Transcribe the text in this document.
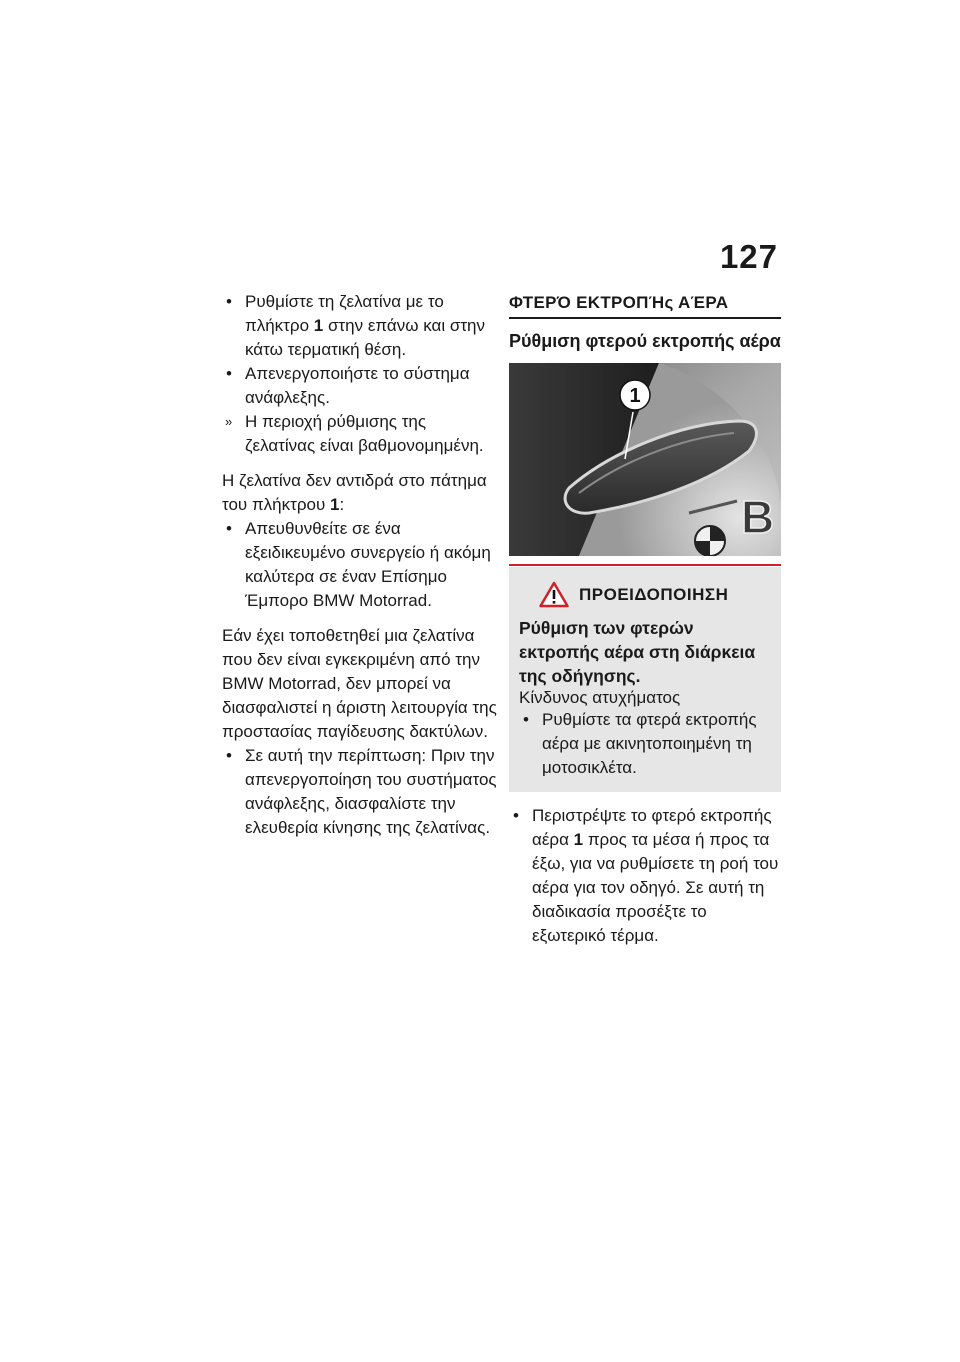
127
• Ρυθμίστε τη ζελατίνα με το πλήκτρο 1 στην επάνω και στην κάτω τερματική θέση.
• Απενεργοποιήστε το σύστημα ανάφλεξης.
» Η περιοχή ρύθμισης της ζελατίνας είναι βαθμονομημένη.

Η ζελατίνα δεν αντιδρά στο πάτημα του πλήκτρου 1:

• Απευθυνθείτε σε ένα εξειδικευμένο συνεργείο ή ακόμη καλύτερα σε έναν Επίσημο Έμπορο BMW Motorrad.

Εάν έχει τοποθετηθεί μια ζελατίνα που δεν είναι εγκεκριμένη από την BMW Motorrad, δεν μπορεί να διασφαλιστεί η άριστη λειτουργία της προστασίας παγίδευσης δακτύλων.

• Σε αυτή την περίπτωση: Πριν την απενεργοποίηση του συστήματος ανάφλεξης, διασφαλίστε την ελευθερία κίνησης της ζελατίνας.
ΦΤΕΡΌ ΕΚΤΡΟΠΉς ΑΈΡΑ
Ρύθμιση φτερού εκτροπής αέρα
B
1
ΠΡΟΕΙΔΟΠΟΙΗΣΗ
Ρύθμιση των φτερών εκτροπής αέρα στη διάρκεια της οδήγησης.
Κίνδυνος ατυχήματος
• Ρυθμίστε τα φτερά εκτροπής αέρα με ακινητοποιημένη τη μοτοσικλέτα.
• Περιστρέψτε το φτερό εκτροπής αέρα 1 προς τα μέσα ή προς τα έξω, για να ρυθμίσετε τη ροή του αέρα για τον οδηγό. Σε αυτή τη διαδικασία προσέξτε το εξωτερικό τέρμα.
